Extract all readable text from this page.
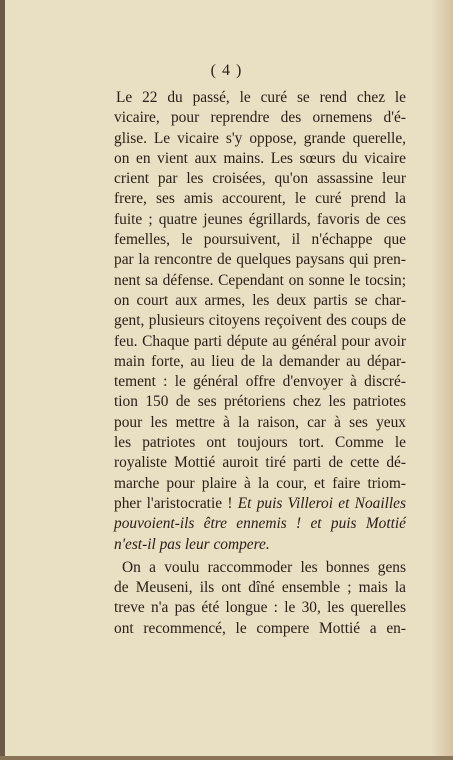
( 4 )
Le 22 du passé, le curé se rend chez le
vicaire, pour reprendre des ornemens d'é-
glise. Le vicaire s'y oppose, grande querelle,
on en vient aux mains. Les sœurs du vicaire
crient par les croisées, qu'on assassine leur
frere, ses amis accourent, le curé prend la
fuite ; quatre jeunes égrillards, favoris de ces
femelles, le poursuivent, il n'échappe que
par la rencontre de quelques paysans qui pren-
nent sa défense. Cependant on sonne le tocsin;
on court aux armes, les deux partis se char-
gent, plusieurs citoyens reçoivent des coups de
feu. Chaque parti députe au général pour avoir
main forte, au lieu de la demander au dépar-
tement : le général offre d'envoyer à discré-
tion 150 de ses prétoriens chez les patriotes
pour les mettre à la raison, car à ses yeux
les patriotes ont toujours tort. Comme le
royaliste Mottié auroit tiré parti de cette dé-
marche pour plaire à la cour, et faire triom-
pher l'aristocratie ! Et puis Villeroi et Noailles
pouvoient-ils être ennemis ! et puis Mottié
n'est-il pas leur compere.
On a voulu raccommoder les bonnes gens
de Meuseni, ils ont dîné ensemble ; mais la
treve n'a pas été longue : le 30, les querelles
ont recommencé, le compere Mottié a en-
